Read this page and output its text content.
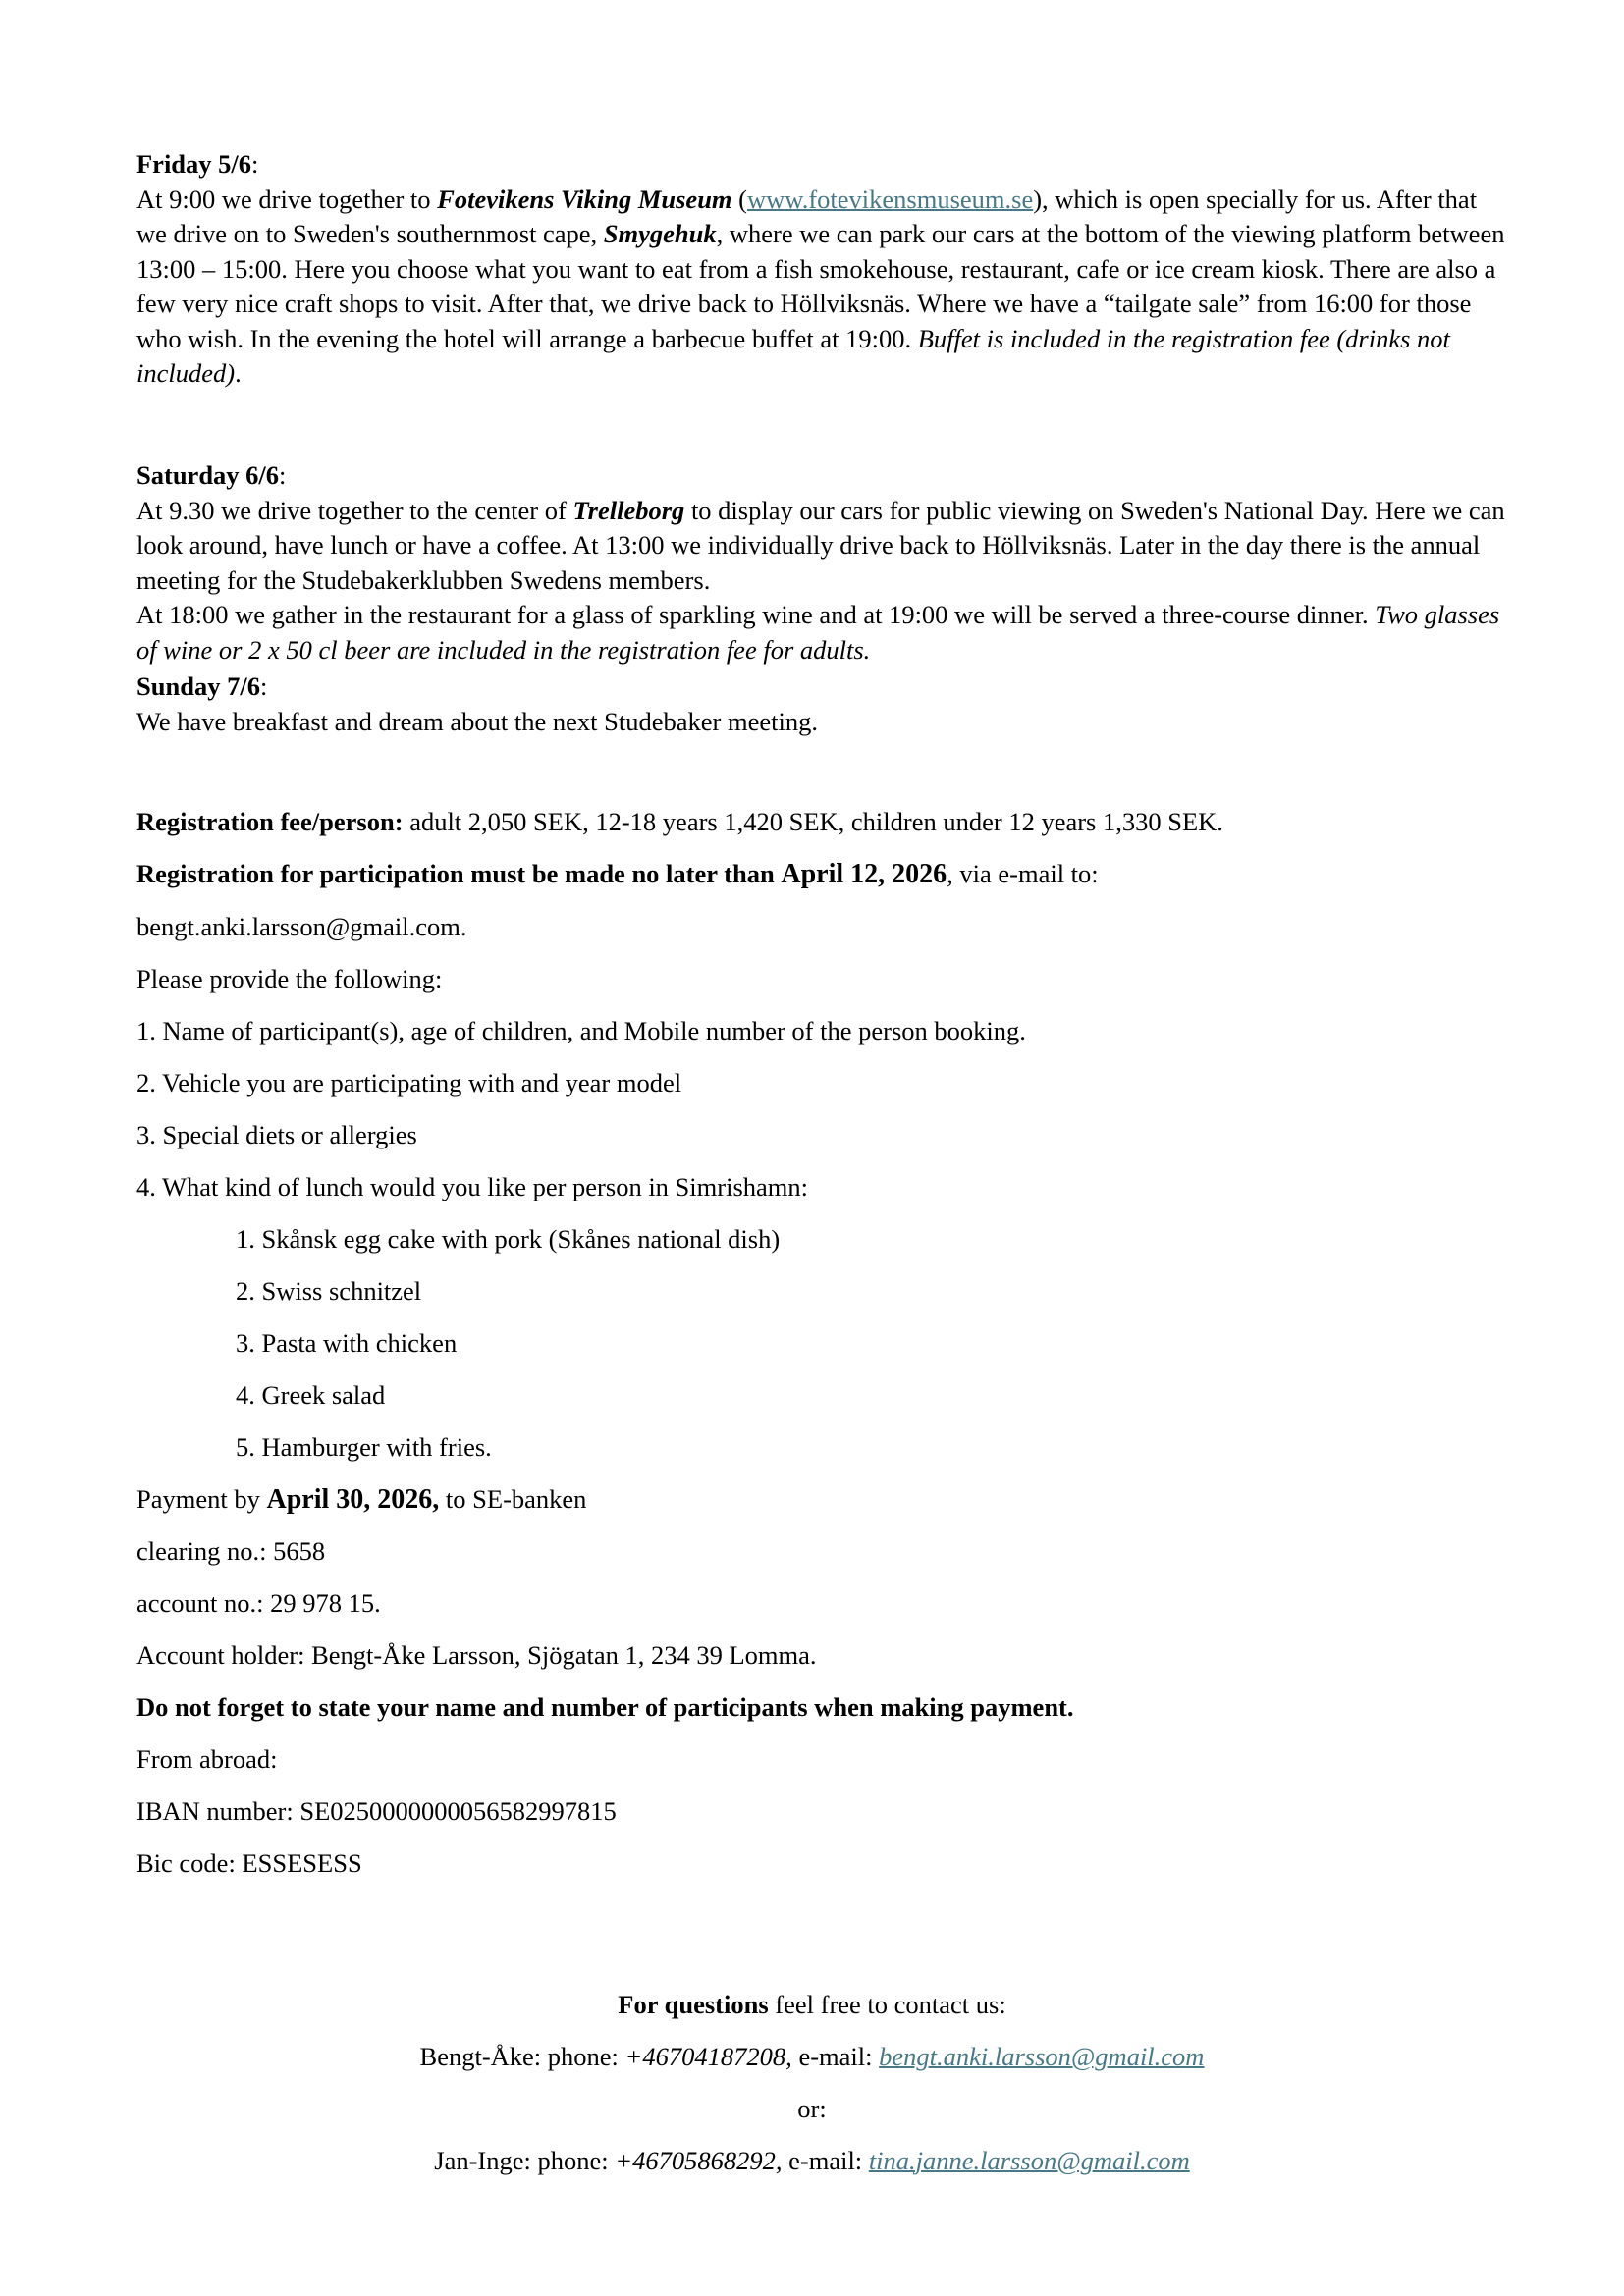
Friday 5/6:

At 9:00 we drive together to Fotevikens Viking Museum (www.fotevikensmuseum.se), which is open specially for us. After that we drive on to Sweden's southernmost cape, Smygehuk, where we can park our cars at the bottom of the viewing platform between 13:00 – 15:00. Here you choose what you want to eat from a fish smokehouse, restaurant, cafe or ice cream kiosk. There are also a few very nice craft shops to visit. After that, we drive back to Höllviksnäs. Where we have a “tailgate sale” from 16:00 for those who wish. In the evening the hotel will arrange a barbecue buffet at 19:00. Buffet is included in the registration fee (drinks not included).

Saturday 6/6:

At 9.30 we drive together to the center of Trelleborg to display our cars for public viewing on Sweden's National Day. Here we can look around, have lunch or have a coffee. At 13:00 we individually drive back to Höllviksnäs. Later in the day there is the annual meeting for the Studebakerklubben Swedens members.

At 18:00 we gather in the restaurant for a glass of sparkling wine and at 19:00 we will be served a three-course dinner. Two glasses of wine or 2 x 50 cl beer are included in the registration fee for adults.

Sunday 7/6:

We have breakfast and dream about the next Studebaker meeting.

Registration fee/person: adult 2,050 SEK, 12-18 years 1,420 SEK, children under 12 years 1,330 SEK.
Registration for participation must be made no later than April 12, 2026, via e-mail to:
bengt.anki.larsson@gmail.com.
Please provide the following:
1. Name of participant(s), age of children, and Mobile number of the person booking.
2. Vehicle you are participating with and year model
3. Special diets or allergies
4. What kind of lunch would you like per person in Simrishamn:
1. Skånsk egg cake with pork (Skånes national dish)
2. Swiss schnitzel
3. Pasta with chicken
4. Greek salad
5. Hamburger with fries.
Payment by April 30, 2026, to SE-banken
clearing no.: 5658
account no.: 29 978 15.
Account holder: Bengt-Åke Larsson, Sjögatan 1, 234 39 Lomma.
Do not forget to state your name and number of participants when making payment.
From abroad:
IBAN number: SE0250000000056582997815
Bic code: ESSESESS
For questions feel free to contact us:
Bengt-Åke: phone: +46704187208, e-mail: bengt.anki.larsson@gmail.com
or:
Jan-Inge: phone: +46705868292, e-mail: tina.janne.larsson@gmail.com
